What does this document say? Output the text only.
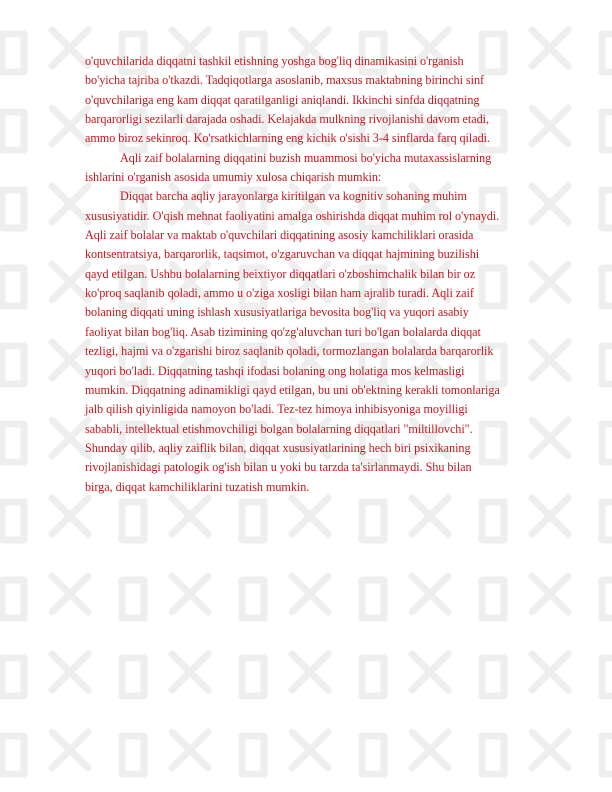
o'quvchilarida diqqatni tashkil etishning yoshga bog'liq dinamikasini o'rganish
bo'yicha tajriba o'tkazdi. Tadqiqotlarga asoslanib, maxsus maktabning birinchi sinf
o'quvchilariga eng kam diqqat qaratilganligi aniqlandi. Ikkinchi sinfda diqqatning
barqarorligi sezilarli darajada oshadi. Kelajakda mulkning rivojlanishi davom etadi,
ammo biroz sekinroq. Ko'rsatkichlarning eng kichik o'sishi 3-4 sinflarda farq qiladi.

Aqli zaif bolalarning diqqatini buzish muammosi bo'yicha mutaxassislarning
ishlarini o'rganish asosida umumiy xulosa chiqarish mumkin:

Diqqat barcha aqliy jarayonlarga kiritilgan va kognitiv sohaning muhim
xususiyatidir. O'qish mehnat faoliyatini amalga oshirishda diqqat muhim rol o'ynaydi.
Aqli zaif bolalar va maktab o'quvchilari diqqatining asosiy kamchiliklari orasida
kontsentratsiya, barqarorlik, taqsimot, o'zgaruvchan va diqqat hajmining buzilishi
qayd etilgan. Ushbu bolalarning beixtiyor diqqatlari o'zboshimchalik bilan bir oz
ko'proq saqlanib qoladi, ammo u o'ziga xosligi bilan ham ajralib turadi. Aqli zaif
bolaning diqqati uning ishlash xususiyatlariga bevosita bog'liq va yuqori asabiy
faoliyat bilan bog'liq. Asab tizimining qo'zg'aluvchan turi bo'lgan bolalarda diqqat
tezligi, hajmi va o'zgarishi biroz saqlanib qoladi, tormozlangan bolalarda barqarorlik
yuqori bo'ladi. Diqqatning tashqi ifodasi bolaning ong holatiga mos kelmasligi
mumkin. Diqqatning adinamikligi qayd etilgan, bu uni ob'ektning kerakli tomonlariga
jalb qilish qiyinligida namoyon bo'ladi. Tez-tez himoya inhibisyoniga moyilligi
sababli, intellektual etishmovchiligi bolgan bolalarning diqqatlari "miltillovchi".
Shunday qilib, aqliy zaiflik bilan, diqqat xususiyatlarining hech biri psixikaning
rivojlanishidagi patologik og'ish bilan u yoki bu tarzda ta'sirlanmaydi. Shu bilan
birga, diqqat kamchiliklarini tuzatish mumkin.
